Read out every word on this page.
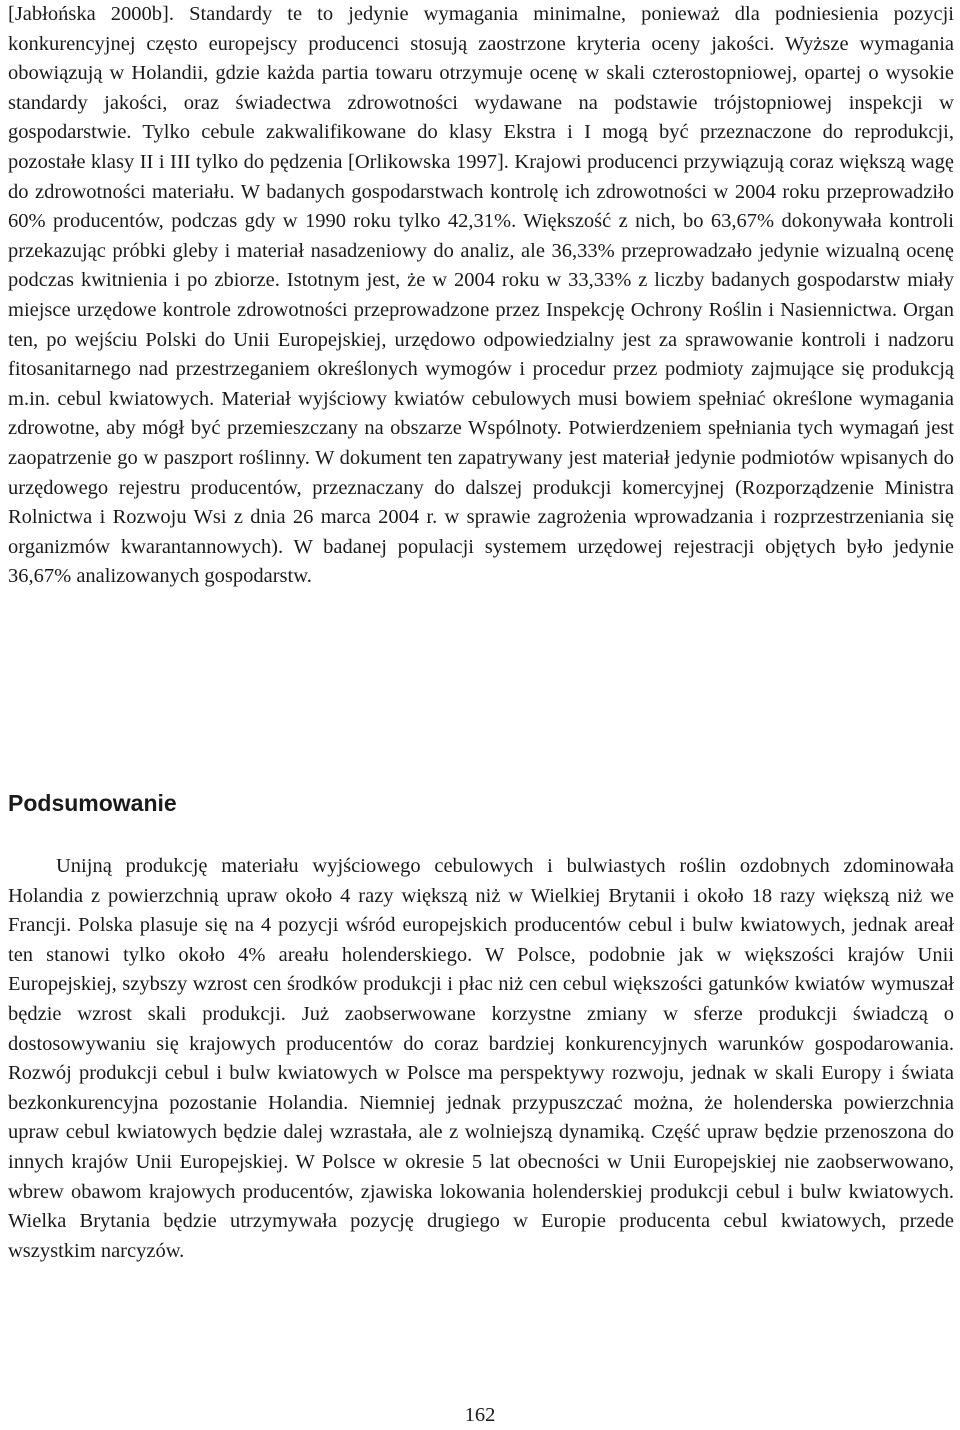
[Jabłońska 2000b]. Standardy te to jedynie wymagania minimalne, ponieważ dla podniesienia pozycji konkurencyjnej często europejscy producenci stosują zaostrzone kryteria oceny jakości. Wyższe wymagania obowiązują w Holandii, gdzie każda partia towaru otrzymuje ocenę w skali czterostopniowej, opartej o wysokie standardy jakości, oraz świadectwa zdrowotności wydawane na podstawie trójstopniowej inspekcji w gospodarstwie. Tylko cebule zakwalifikowane do klasy Ekstra i I mogą być przeznaczone do reprodukcji, pozostałe klasy II i III tylko do pędzenia [Orlikowska 1997]. Krajowi producenci przywiązują coraz większą wagę do zdrowotności materiału. W badanych gospodarstwach kontrolę ich zdrowotności w 2004 roku przeprowadziło 60% producentów, podczas gdy w 1990 roku tylko 42,31%. Większość z nich, bo 63,67% dokonywała kontroli przekazując próbki gleby i materiał nasadzeniowy do analiz, ale 36,33% przeprowadzało jedynie wizualną ocenę podczas kwitnienia i po zbiorze. Istotnym jest, że w 2004 roku w 33,33% z liczby badanych gospodarstw miały miejsce urzędowe kontrole zdrowotności przeprowadzone przez Inspekcję Ochrony Roślin i Nasiennictwa. Organ ten, po wejściu Polski do Unii Europejskiej, urzędowo odpowiedzialny jest za sprawowanie kontroli i nadzoru fitosanitarnego nad przestrzeganiem określonych wymogów i procedur przez podmioty zajmujące się produkcją m.in. cebul kwiatowych. Materiał wyjściowy kwiatów cebulowych musi bowiem spełniać określone wymagania zdrowotne, aby mógł być przemieszczany na obszarze Wspólnoty. Potwierdzeniem spełniania tych wymagań jest zaopatrzenie go w paszport roślinny. W dokument ten zapatrywany jest materiał jedynie podmiotów wpisanych do urzędowego rejestru producentów, przeznaczany do dalszej produkcji komercyjnej (Rozporządzenie Ministra Rolnictwa i Rozwoju Wsi z dnia 26 marca 2004 r. w sprawie zagrożenia wprowadzania i rozprzestrzeniania się organizmów kwarantannowych). W badanej populacji systemem urzędowej rejestracji objętych było jedynie 36,67% analizowanych gospodarstw.

Podsumowanie

Unijną produkcję materiału wyjściowego cebulowych i bulwiastych roślin ozdobnych zdominowała Holandia z powierzchnią upraw około 4 razy większą niż w Wielkiej Brytanii i około 18 razy większą niż we Francji. Polska plasuje się na 4 pozycji wśród europejskich producentów cebul i bulw kwiatowych, jednak areał ten stanowi tylko około 4% areału holenderskiego. W Polsce, podobnie jak w większości krajów Unii Europejskiej, szybszy wzrost cen środków produkcji i płac niż cen cebul większości gatunków kwiatów wymuszał będzie wzrost skali produkcji. Już zaobserwowane korzystne zmiany w sferze produkcji świadczą o dostosowywaniu się krajowych producentów do coraz bardziej konkurencyjnych warunków gospodarowania. Rozwój produkcji cebul i bulw kwiatowych w Polsce ma perspektywy rozwoju, jednak w skali Europy i świata bezkonkurencyjna pozostanie Holandia. Niemniej jednak przypuszczać można, że holenderska powierzchnia upraw cebul kwiatowych będzie dalej wzrastała, ale z wolniejszą dynamiką. Część upraw będzie przenoszona do innych krajów Unii Europejskiej. W Polsce w okresie 5 lat obecności w Unii Europejskiej nie zaobserwowano, wbrew obawom krajowych producentów, zjawiska lokowania holenderskiej produkcji cebul i bulw kwiatowych. Wielka Brytania będzie utrzymywała pozycję drugiego w Europie producenta cebul kwiatowych, przede wszystkim narcyzów.

162
